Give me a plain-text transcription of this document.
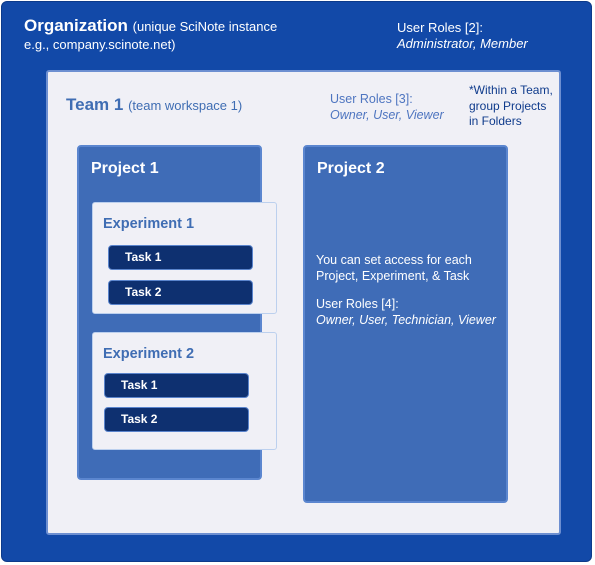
Organization (unique SciNote instance
e.g., company.scinote.net)
User Roles [2]:
Administrator, Member
Team 1 (team workspace 1)	User Roles [3]:
Owner, User, Viewer
*Within a Team,
group Projects
in Folders
Project 1
Experiment 1
Task 1
Task 2
Experiment 2
Task 1
Task 2
Project 2
You can set access for each
Project, Experiment, & Task
User Roles [4]:
Owner, User, Technician, Viewer
